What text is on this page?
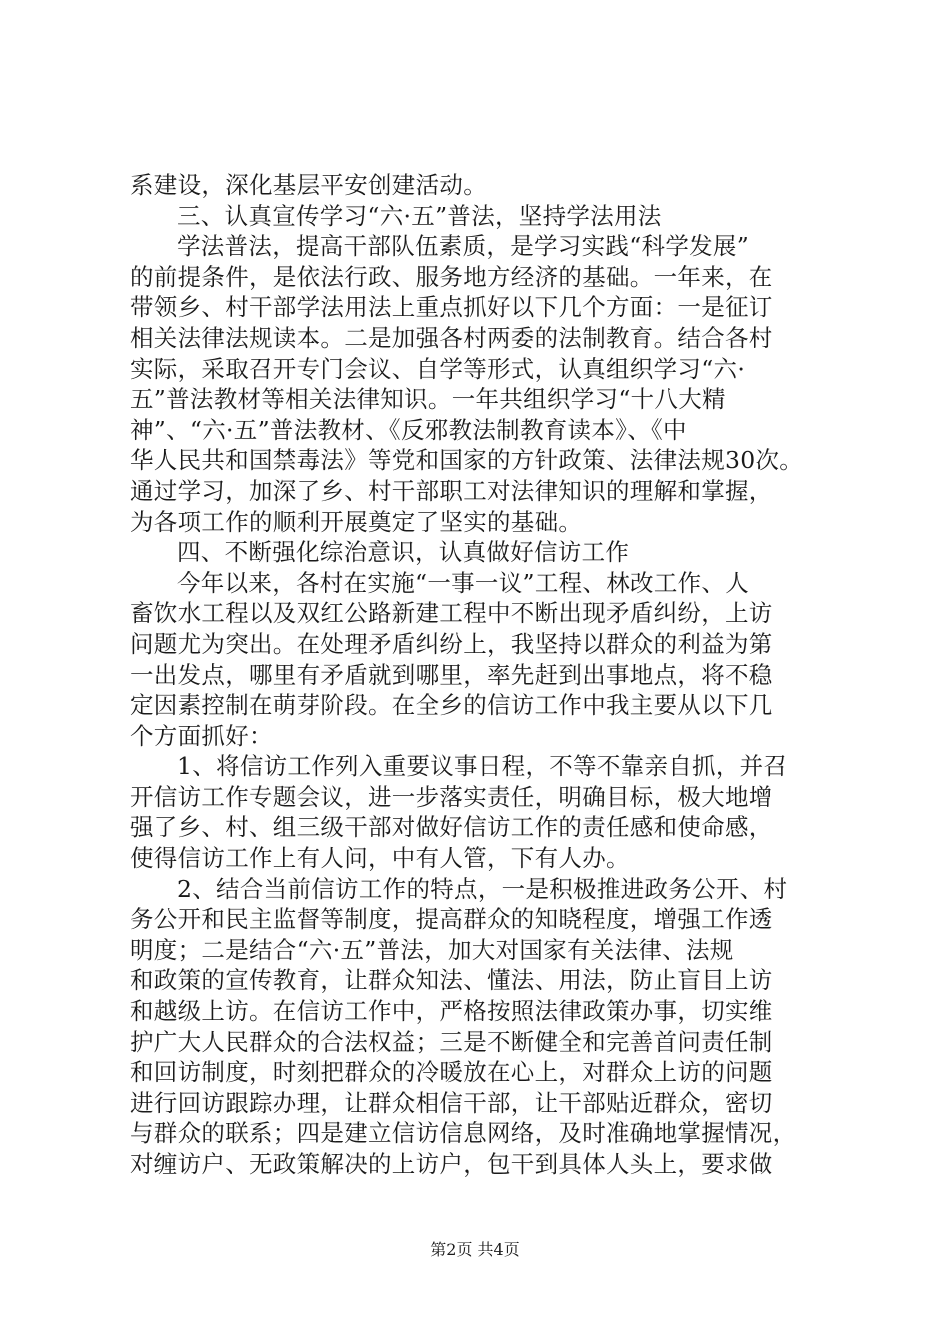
系建设，深化基层平安创建活动。
三、认真宣传学习“六·五”普法，坚持学法用法
学法普法，提高干部队伍素质，是学习实践“科学发展”
的前提条件，是依法行政、服务地方经济的基础。一年来，在
带领乡、村干部学法用法上重点抓好以下几个方面：一是征订
相关法律法规读本。二是加强各村两委的法制教育。结合各村
实际，采取召开专门会议、自学等形式，认真组织学习“六·
五”普法教材等相关法律知识。一年共组织学习“十八大精
神”、“六·五”普法教材、《反邪教法制教育读本》、《中
华人民共和国禁毒法》等党和国家的方针政策、法律法规30次。
通过学习，加深了乡、村干部职工对法律知识的理解和掌握，
为各项工作的顺利开展奠定了坚实的基础。
四、不断强化综治意识，认真做好信访工作
今年以来，各村在实施“一事一议”工程、林改工作、人
畜饮水工程以及双红公路新建工程中不断出现矛盾纠纷，上访
问题尤为突出。在处理矛盾纠纷上，我坚持以群众的利益为第
一出发点，哪里有矛盾就到哪里，率先赶到出事地点，将不稳
定因素控制在萌芽阶段。在全乡的信访工作中我主要从以下几
个方面抓好：
1、将信访工作列入重要议事日程，不等不靠亲自抓，并召
开信访工作专题会议，进一步落实责任，明确目标，极大地增
强了乡、村、组三级干部对做好信访工作的责任感和使命感，
使得信访工作上有人问，中有人管，下有人办。
2、结合当前信访工作的特点，一是积极推进政务公开、村
务公开和民主监督等制度，提高群众的知晓程度，增强工作透
明度；二是结合“六·五”普法，加大对国家有关法律、法规
和政策的宣传教育，让群众知法、懂法、用法，防止盲目上访
和越级上访。在信访工作中，严格按照法律政策办事，切实维
护广大人民群众的合法权益；三是不断健全和完善首问责任制
和回访制度，时刻把群众的冷暖放在心上，对群众上访的问题
进行回访跟踪办理，让群众相信干部，让干部贴近群众，密切
与群众的联系；四是建立信访信息网络，及时准确地掌握情况，
对缠访户、无政策解决的上访户，包干到具体人头上，要求做
第2页 共4页
